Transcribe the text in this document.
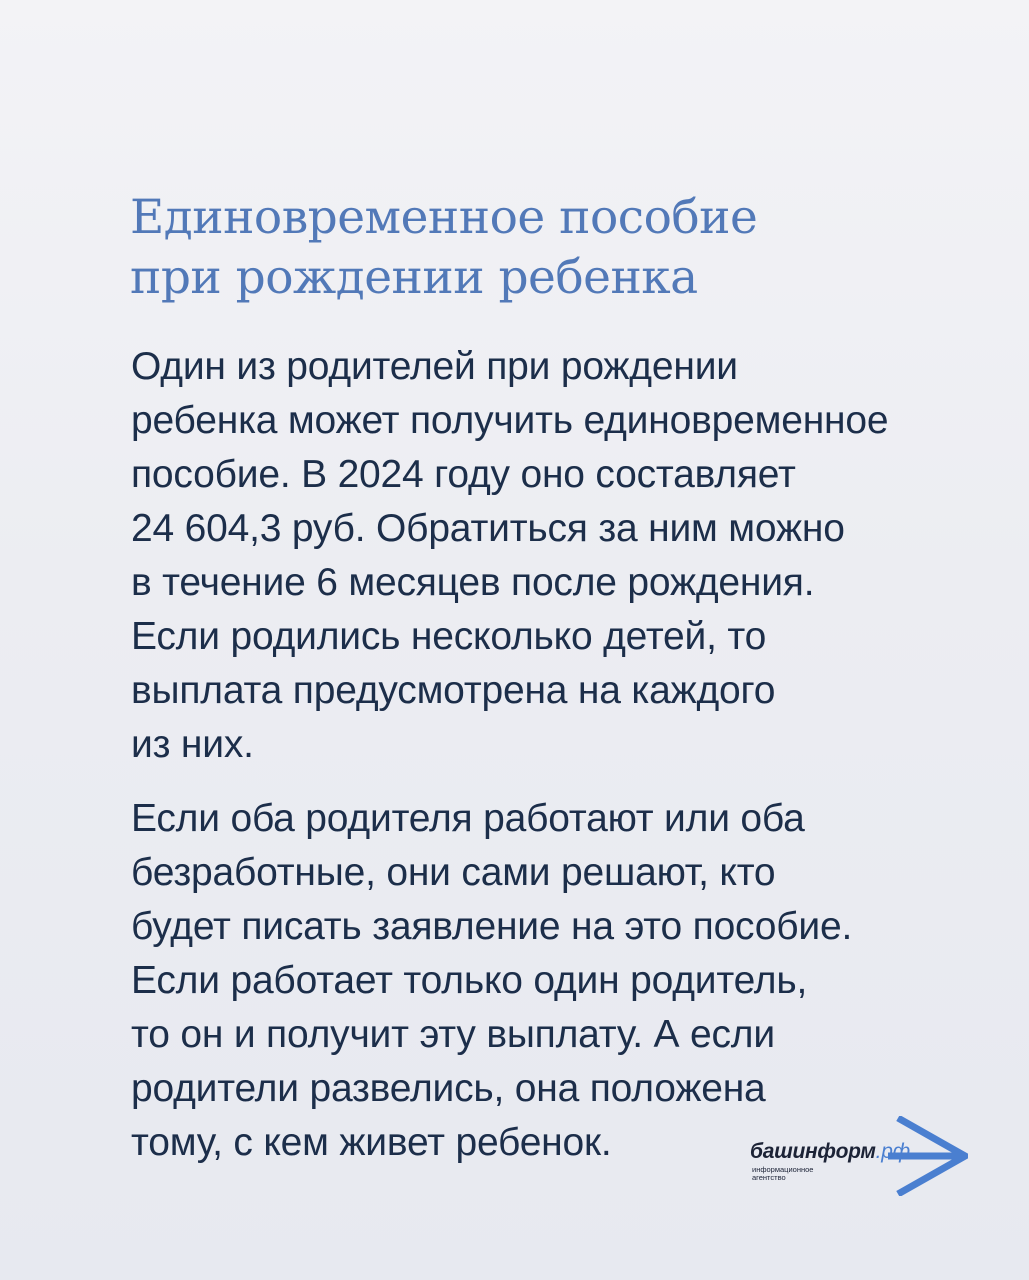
Единовременное пособие
при рождении ребенка
Один из родителей при рождении
ребенка может получить единовременное
пособие. В 2024 году оно составляет
24 604,3 руб. Обратиться за ним можно
в течение 6 месяцев после рождения.
Если родились несколько детей, то
выплата предусмотрена на каждого
из них.
Если оба родителя работают или оба
безработные, они сами решают, кто
будет писать заявление на это пособие.
Если работает только один родитель,
то он и получит эту выплату. А если
родители развелись, она положена
тому, с кем живет ребенок.	башинформ.рф
информационное
агентство
